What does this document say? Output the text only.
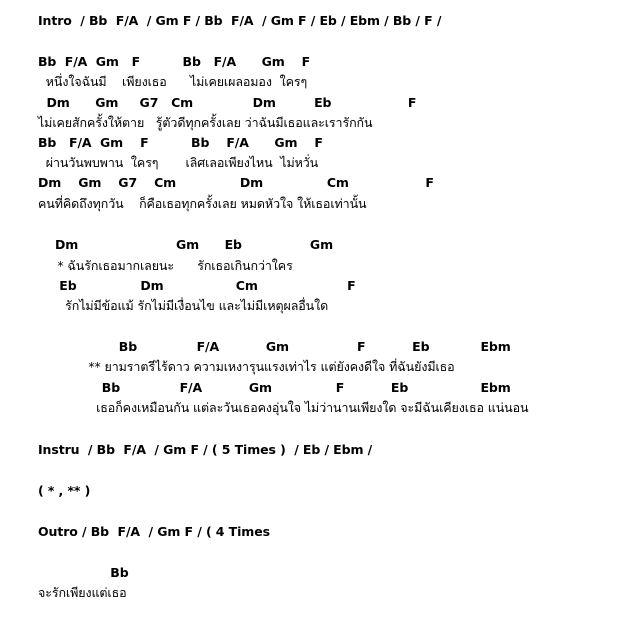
Intro  / Bb  F/A  / Gm F / Bb  F/A  / Gm F / Eb / Ebm / Bb / F /
Bb  F/A  Gm   F          Bb   F/A      Gm    F
หนึ่งใจฉันมี    เพียงเธอ      ไม่เคยเผลอมอง  ใครๆ
Dm      Gm     G7   Cm              Dm         Eb                  F
ไม่เคยสักครั้งให้ตาย   รู้ตัวดีทุกครั้งเลย ว่าฉันมีเธอและเรารักกัน
Bb   F/A  Gm    F          Bb    F/A      Gm    F
ผ่านวันพบพาน  ใครๆ       เลิศเลอเพียงไหน  ไม่หวั่น
Dm    Gm    G7    Cm               Dm               Cm                  F
คนที่คิดถึงทุกวัน    ก็คือเธอทุกครั้งเลย หมดหัวใจ ให้เธอเท่านั้น
Dm                       Gm      Eb                Gm
* ฉันรักเธอมากเลยนะ      รักเธอเกินกว่าใคร
Eb               Dm                 Cm                     F
รักไม่มีข้อแม้ รักไม่มีเงื่อนไข และไม่มีเหตุผลอื่นใด
Bb              F/A           Gm                F           Eb            Ebm
** ยามราตรีไร้ดาว ความเหงารุนแรงเท่าไร แต่ยังคงดีใจ ที่ฉันยังมีเธอ
Bb              F/A           Gm               F           Eb                 Ebm
เธอก็คงเหมือนกัน แต่ละวันเธอคงอุ่นใจ ไม่ว่านานเพียงใด จะมีฉันเคียงเธอ แน่นอน
Instru  / Bb  F/A  / Gm F / ( 5 Times )  / Eb / Ebm /
( * , ** )
Outro / Bb  F/A  / Gm F / ( 4 Times
Bb
จะรักเพียงแต่เธอ
